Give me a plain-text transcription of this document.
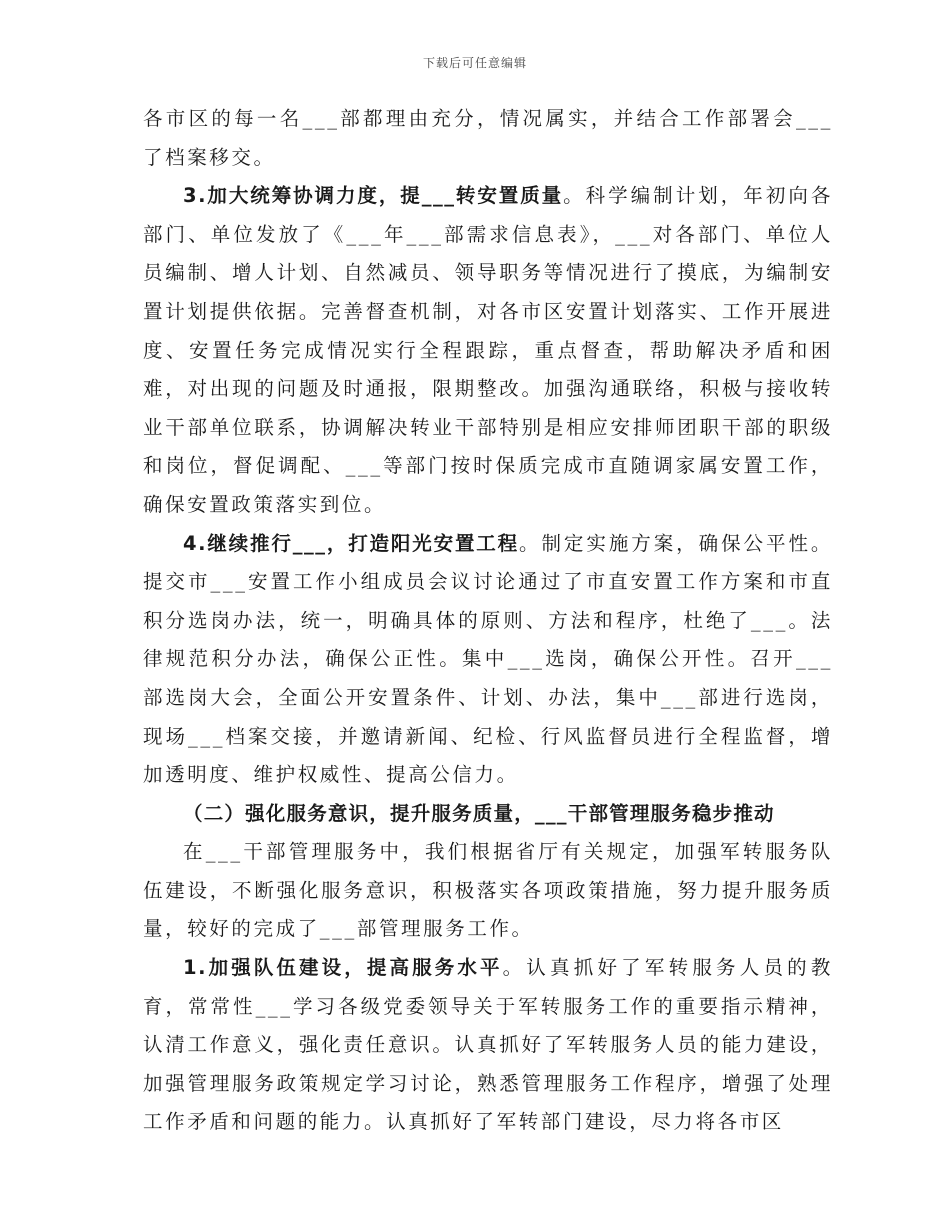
下载后可任意编辑

各市区的每一名___部都理由充分，情况属实，并结合工作部署会___了档案移交。

3.加大统筹协调力度，提___转安置质量。科学编制计划，年初向各部门、单位发放了《___年___部需求信息表》，___对各部门、单位人员编制、增人计划、自然减员、领导职务等情况进行了摸底，为编制安置计划提供依据。完善督查机制，对各市区安置计划落实、工作开展进度、安置任务完成情况实行全程跟踪，重点督查，帮助解决矛盾和困难，对出现的问题及时通报，限期整改。加强沟通联络，积极与接收转业干部单位联系，协调解决转业干部特别是相应安排师团职干部的职级和岗位，督促调配、___等部门按时保质完成市直随调家属安置工作，确保安置政策落实到位。

4.继续推行___，打造阳光安置工程。制定实施方案，确保公平性。提交市___安置工作小组成员会议讨论通过了市直安置工作方案和市直积分选岗办法，统一，明确具体的原则、方法和程序，杜绝了___。法律规范积分办法，确保公正性。集中___选岗，确保公开性。召开___部选岗大会，全面公开安置条件、计划、办法，集中___部进行选岗，现场___档案交接，并邀请新闻、纪检、行风监督员进行全程监督，增加透明度、维护权威性、提高公信力。

（二）强化服务意识，提升服务质量，___干部管理服务稳步推动

在___干部管理服务中，我们根据省厅有关规定，加强军转服务队伍建设，不断强化服务意识，积极落实各项政策措施，努力提升服务质量，较好的完成了___部管理服务工作。

1.加强队伍建设，提高服务水平。认真抓好了军转服务人员的教育，常常性___学习各级党委领导关于军转服务工作的重要指示精神，认清工作意义，强化责任意识。认真抓好了军转服务人员的能力建设，加强管理服务政策规定学习讨论，熟悉管理服务工作程序，增强了处理工作矛盾和问题的能力。认真抓好了军转部门建设，尽力将各市区
